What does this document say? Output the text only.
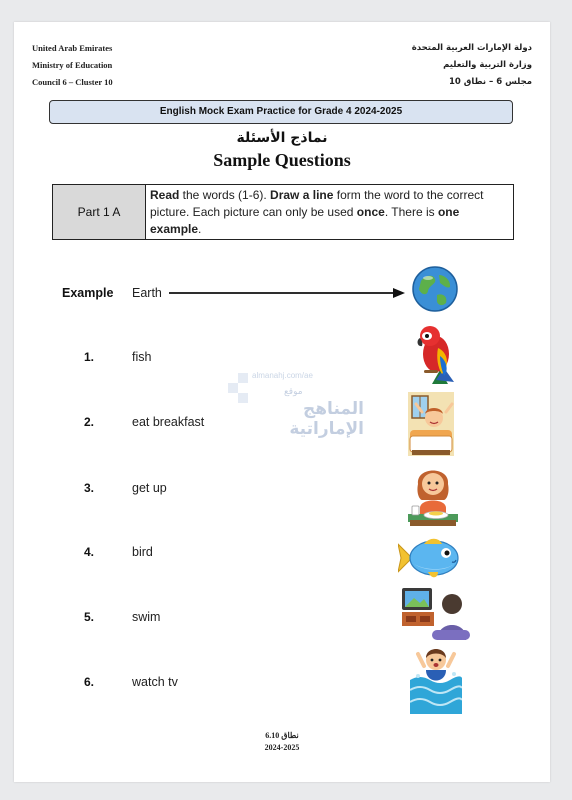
United Arab Emirates
Ministry of Education
Council 6 – Cluster 10
دولة الإمارات العربية المتحدة
وزارة التربية والتعليم
مجلس 6 – نطاق 10
English Mock Exam Practice for Grade 4 2024-2025
نماذج الأسئلة
Sample Questions
Part 1 A
Read the words (1-6). Draw a line form the word to the correct picture. Each picture can only be used once. There is one example.
Example Earth
1.	fish
2.	eat breakfast
3.	get up
4.	bird
5.	swim
6.	watch tv
almanahj.com/ae
موقع
المناهج الإماراتية
نطاق 6.10
2024-2025
